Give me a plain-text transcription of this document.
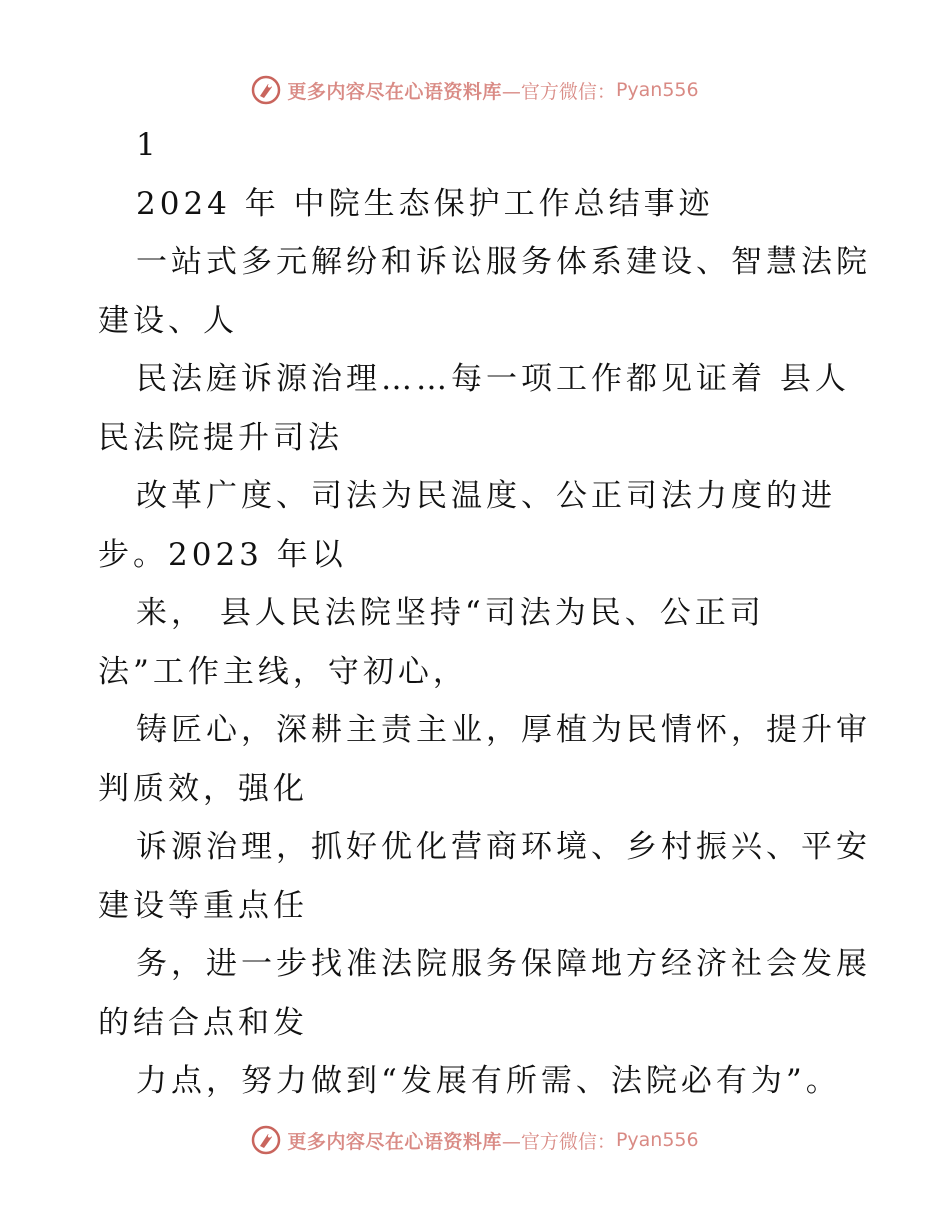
更多内容尽在心语资料库 —官方微信： Pyan556
1
2024 年 中院生态保护工作总结事迹
一站式多元解纷和诉讼服务体系建设、智慧法院
建设、人
民法庭诉源治理……每一项工作都见证着 县人
民法院提升司法
改革广度、司法为民温度、公正司法力度的进
步。2023 年以
来， 县人民法院坚持“司法为民、公正司
法”工作主线，守初心，
铸匠心，深耕主责主业，厚植为民情怀，提升审
判质效，强化
诉源治理，抓好优化营商环境、乡村振兴、平安
建设等重点任
务，进一步找准法院服务保障地方经济社会发展
的结合点和发
力点，努力做到“发展有所需、法院必有为”。
更多内容尽在心语资料库 —官方微信： Pyan556
